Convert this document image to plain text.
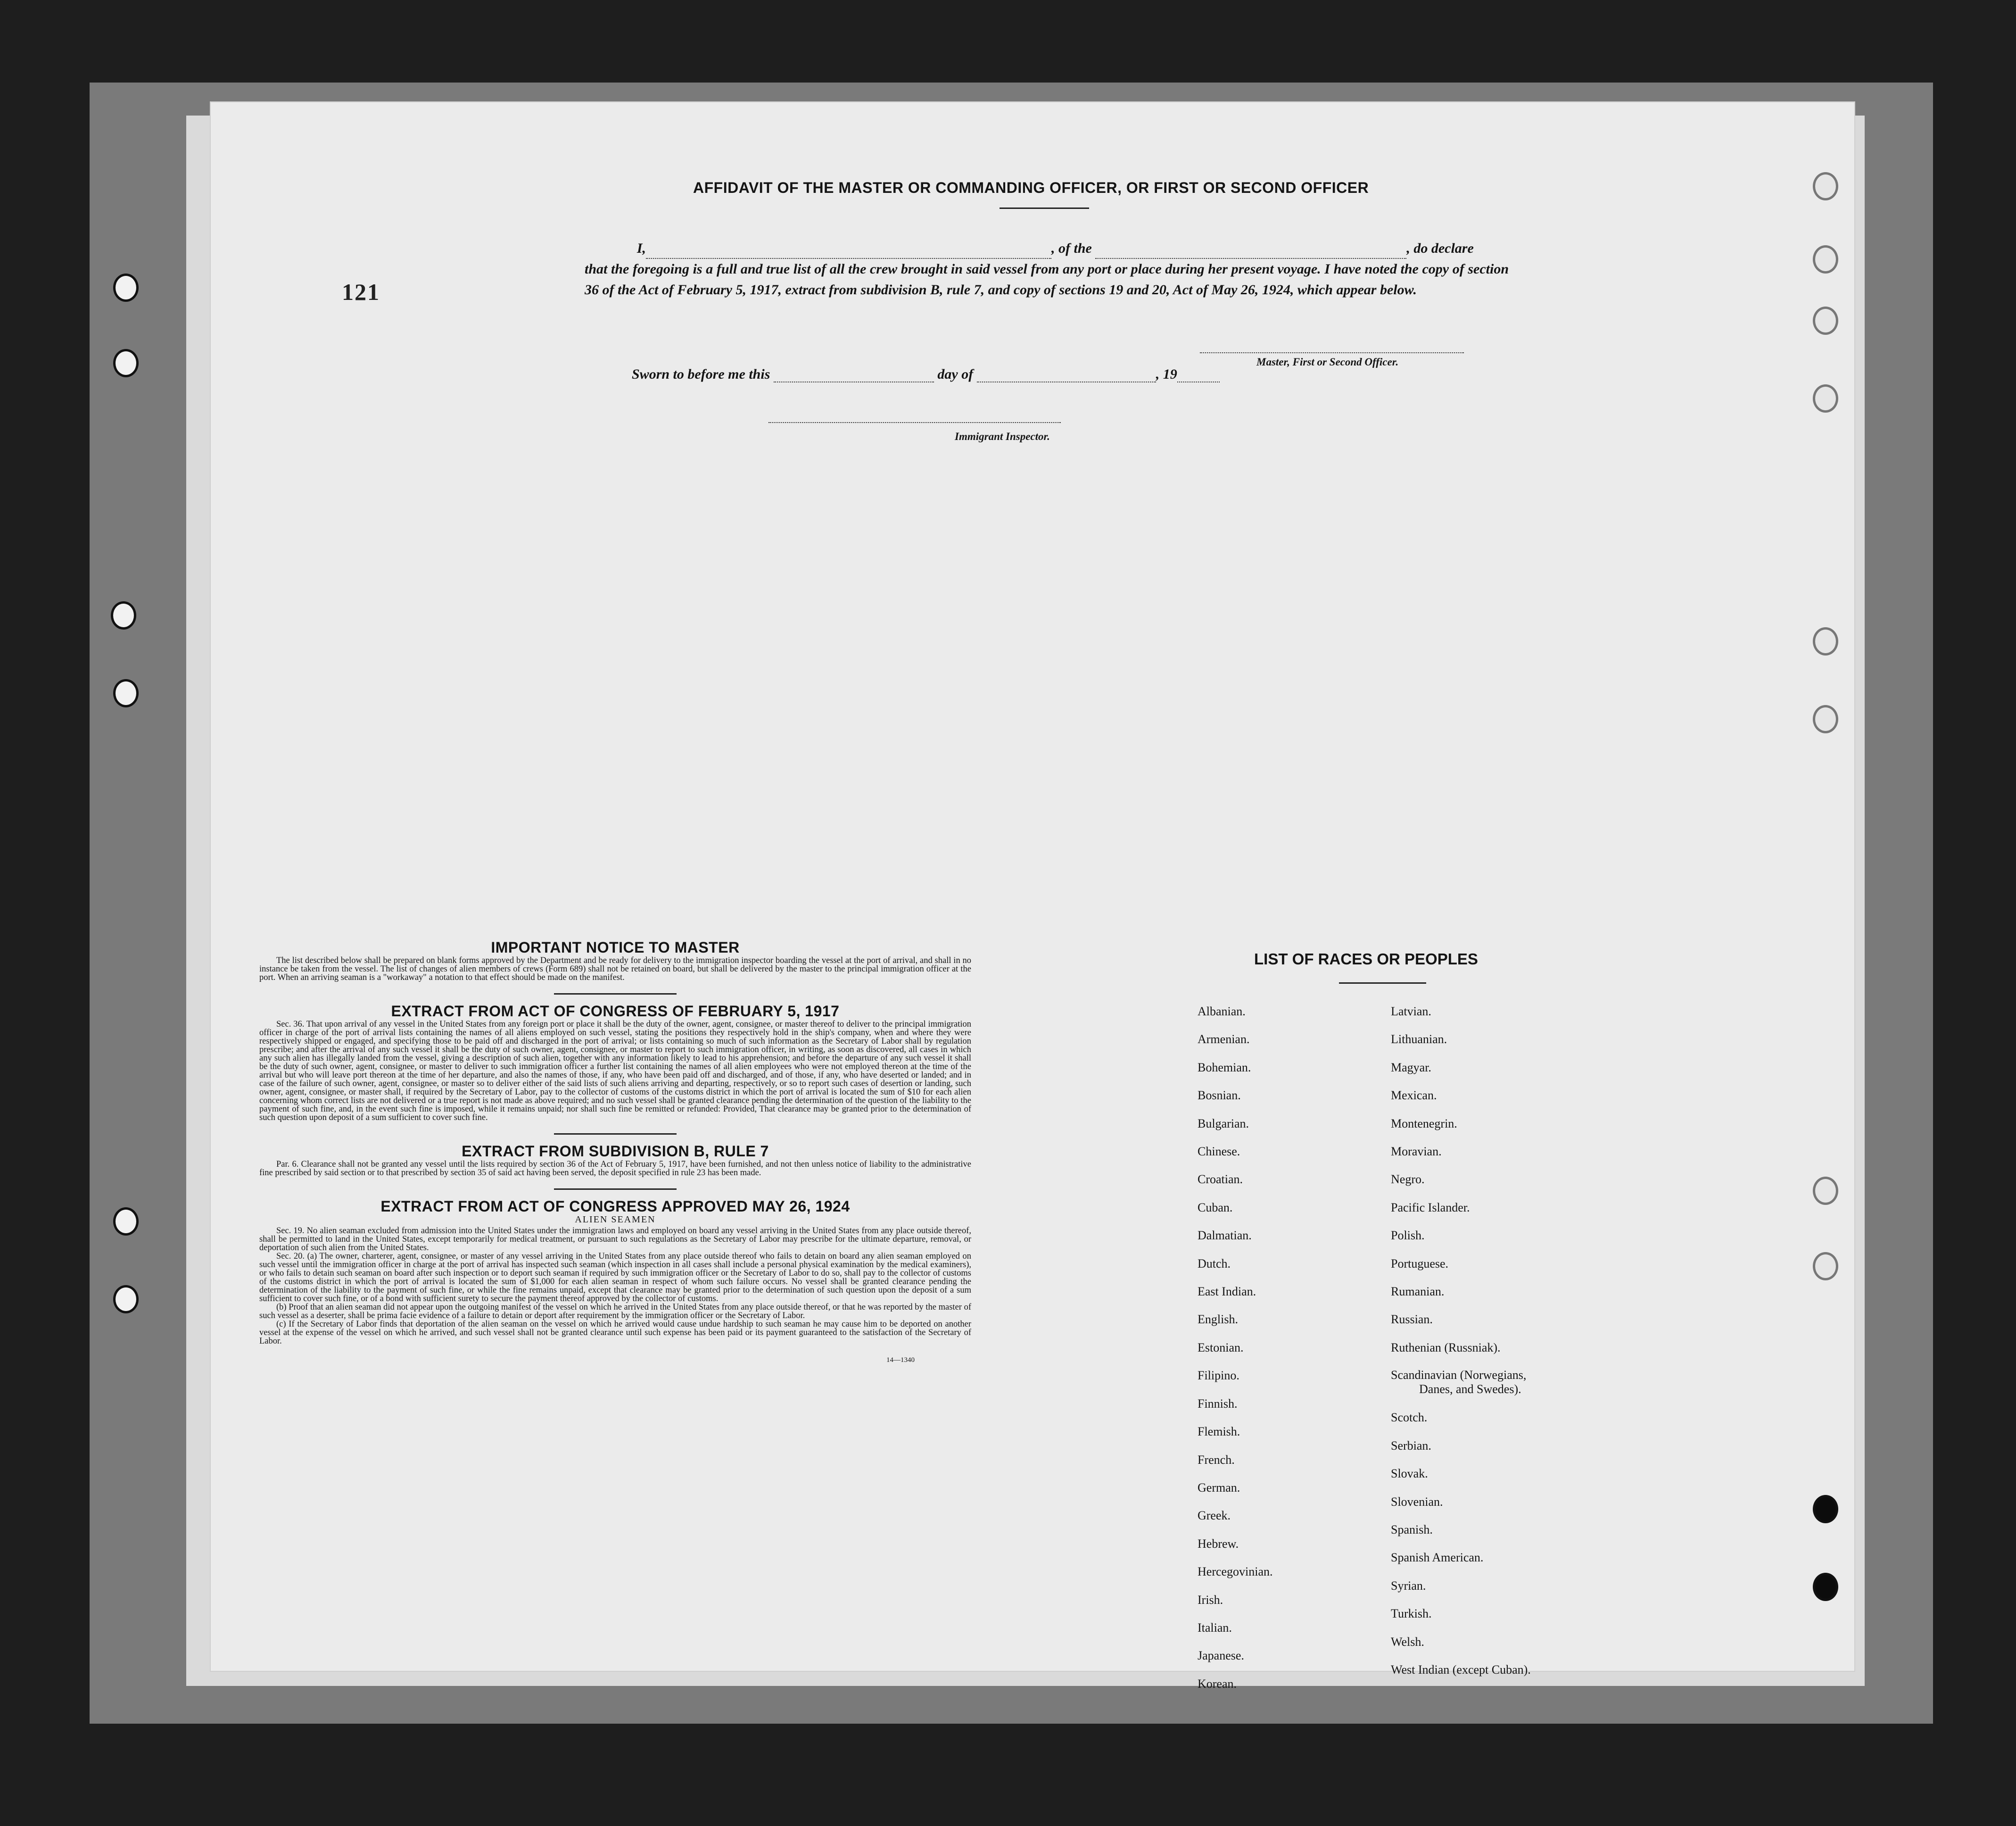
121
AFFIDAVIT OF THE MASTER OR COMMANDING OFFICER, OR FIRST OR SECOND OFFICER
I,	, of the	, do declare
that the foregoing is a full and true list of all the crew brought in said vessel from any port or place during her present voyage. I have noted the copy of section 36 of the Act of February 5, 1917, extract from subdivision B, rule 7, and copy of sections 19 and 20, Act of May 26, 1924, which appear below.
Master, First or Second Officer.
Sworn to before me this	day of	, 19
Immigrant Inspector.
IMPORTANT NOTICE TO MASTER

The list described below shall be prepared on blank forms approved by the Department and be ready for delivery to the immigration inspector boarding the vessel at the port of arrival, and shall in no instance be taken from the vessel. The list of changes of alien members of crews (Form 689) shall not be retained on board, but shall be delivered by the master to the principal immigration officer at the port. When an arriving seaman is a "workaway" a notation to that effect should be made on the manifest.

EXTRACT FROM ACT OF CONGRESS OF FEBRUARY 5, 1917

Sec. 36. That upon arrival of any vessel in the United States from any foreign port or place it shall be the duty of the owner, agent, consignee, or master thereof to deliver to the principal immigration officer in charge of the port of arrival lists containing the names of all aliens employed on such vessel, stating the positions they respectively hold in the ship's company, when and where they were respectively shipped or engaged, and specifying those to be paid off and discharged in the port of arrival; or lists containing so much of such information as the Secretary of Labor shall by regulation prescribe; and after the arrival of any such vessel it shall be the duty of such owner, agent, consignee, or master to report to such immigration officer, in writing, as soon as discovered, all cases in which any such alien has illegally landed from the vessel, giving a description of such alien, together with any information likely to lead to his apprehension; and before the departure of any such vessel it shall be the duty of such owner, agent, consignee, or master to deliver to such immigration officer a further list containing the names of all alien employees who were not employed thereon at the time of the arrival but who will leave port thereon at the time of her departure, and also the names of those, if any, who have been paid off and discharged, and of those, if any, who have deserted or landed; and in case of the failure of such owner, agent, consignee, or master so to deliver either of the said lists of such aliens arriving and departing, respectively, or so to report such cases of desertion or landing, such owner, agent, consignee, or master shall, if required by the Secretary of Labor, pay to the collector of customs of the customs district in which the port of arrival is located the sum of $10 for each alien concerning whom correct lists are not delivered or a true report is not made as above required; and no such vessel shall be granted clearance pending the determination of the question of the liability to the payment of such fine, and, in the event such fine is imposed, while it remains unpaid; nor shall such fine be remitted or refunded: Provided, That clearance may be granted prior to the determination of such question upon deposit of a sum sufficient to cover such fine.

EXTRACT FROM SUBDIVISION B, RULE 7

Par. 6. Clearance shall not be granted any vessel until the lists required by section 36 of the Act of February 5, 1917, have been furnished, and not then unless notice of liability to the administrative fine prescribed by said section or to that prescribed by section 35 of said act having been served, the deposit specified in rule 23 has been made.

EXTRACT FROM ACT OF CONGRESS APPROVED MAY 26, 1924
ALIEN SEAMEN

Sec. 19. No alien seaman excluded from admission into the United States under the immigration laws and employed on board any vessel arriving in the United States from any place outside thereof, shall be permitted to land in the United States, except temporarily for medical treatment, or pursuant to such regulations as the Secretary of Labor may prescribe for the ultimate departure, removal, or deportation of such alien from the United States.

Sec. 20. (a) The owner, charterer, agent, consignee, or master of any vessel arriving in the United States from any place outside thereof who fails to detain on board any alien seaman employed on such vessel until the immigration officer in charge at the port of arrival has inspected such seaman (which inspection in all cases shall include a personal physical examination by the medical examiners), or who fails to detain such seaman on board after such inspection or to deport such seaman if required by such immigration officer or the Secretary of Labor to do so, shall pay to the collector of customs of the customs district in which the port of arrival is located the sum of $1,000 for each alien seaman in respect of whom such failure occurs. No vessel shall be granted clearance pending the determination of the liability to the payment of such fine, or while the fine remains unpaid, except that clearance may be granted prior to the determination of such question upon the deposit of a sum sufficient to cover such fine, or of a bond with sufficient surety to secure the payment thereof approved by the collector of customs.

(b) Proof that an alien seaman did not appear upon the outgoing manifest of the vessel on which he arrived in the United States from any place outside thereof, or that he was reported by the master of such vessel as a deserter, shall be prima facie evidence of a failure to detain or deport after requirement by the immigration officer or the Secretary of Labor.

(c) If the Secretary of Labor finds that deportation of the alien seaman on the vessel on which he arrived would cause undue hardship to such seaman he may cause him to be deported on another vessel at the expense of the vessel on which he arrived, and such vessel shall not be granted clearance until such expense has been paid or its payment guaranteed to the satisfaction of the Secretary of Labor.

14—1340
LIST OF RACES OR PEOPLES
Albanian.
Armenian.
Bohemian.
Bosnian.
Bulgarian.
Chinese.
Croatian.
Cuban.
Dalmatian.
Dutch.
East Indian.
English.
Estonian.
Filipino.
Finnish.
Flemish.
French.
German.
Greek.
Hebrew.
Hercegovinian.
Irish.
Italian.
Japanese.
Korean.
Latvian.
Lithuanian.
Magyar.
Mexican.
Montenegrin.
Moravian.
Negro.
Pacific Islander.
Polish.
Portuguese.
Rumanian.
Russian.
Ruthenian (Russniak).
Scandinavian (Norwegians,
Danes, and Swedes).
Scotch.
Serbian.
Slovak.
Slovenian.
Spanish.
Spanish American.
Syrian.
Turkish.
Welsh.
West Indian (except Cuban).
